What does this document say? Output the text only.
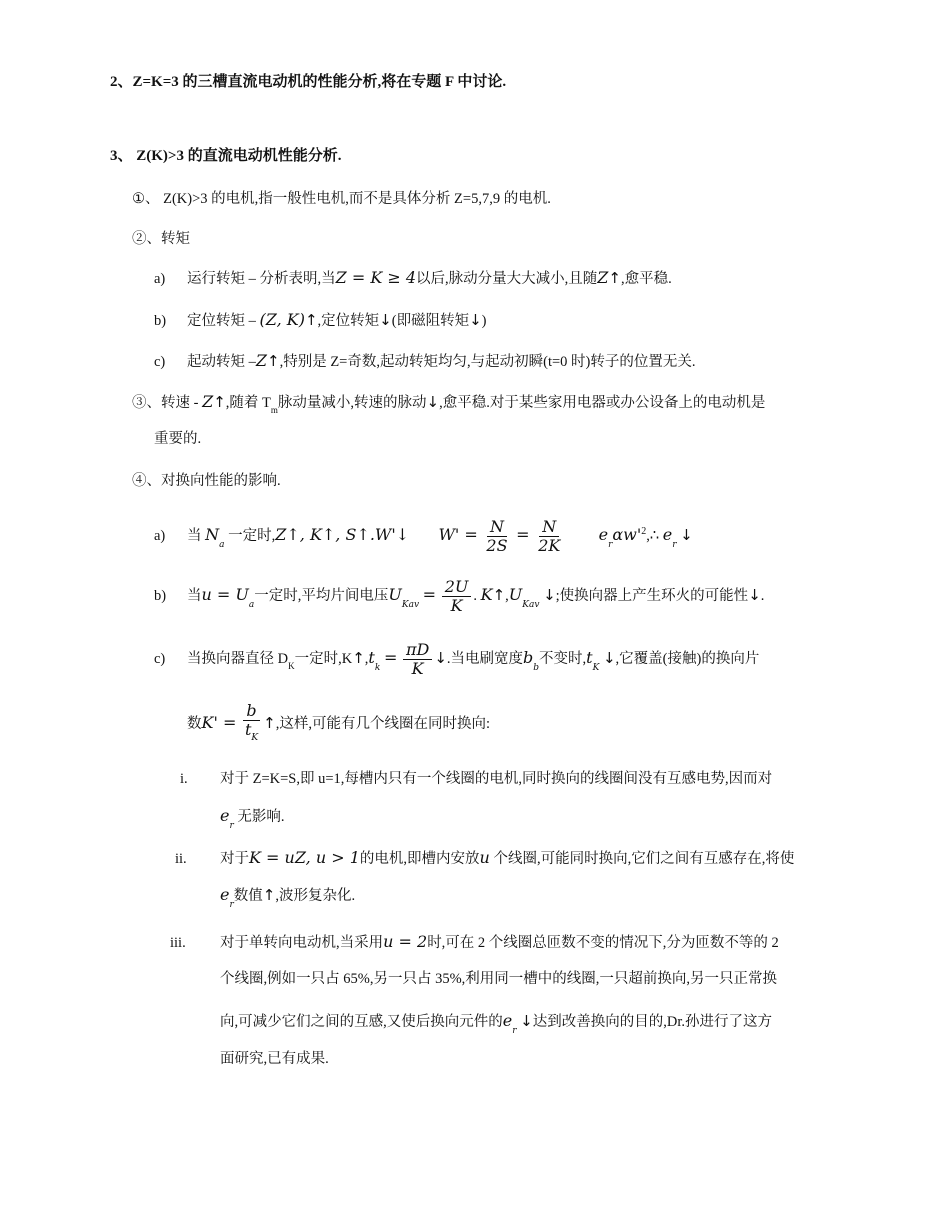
2、Z=K=3 的三槽直流电动机的性能分析,将在专题 F 中讨论.
3、 Z(K)>3 的直流电动机性能分析.
①、 Z(K)>3 的电机,指一般性电机,而不是具体分析 Z=5,7,9 的电机.
②、转矩
a) 运行转矩 – 分析表明,当Z = K ≥ 4以后,脉动分量大大减小,且随Z↑,愈平稳.
b) 定位转矩 – (Z, K)↑,定位转矩↓(即磁阻转矩↓)
c) 起动转矩 –Z↑,特别是 Z=奇数,起动转矩均匀,与起动初瞬(t=0 时)转子的位置无关.
③、转速 - Z↑,随着 $T_m$脉动量减小,转速的脉动↓,愈平稳.对于某些家用电器或办公设备上的电动机是
重要的.
④、对换向性能的影响.
a) 当 $N_a$ 一定时,Z↑, K↑, S↑.W'↓ $W' = \frac{N}{2S} = \frac{N}{2K}$ $e_r\alpha w'^2,\therefore$ $e_r$ ↓
b) 当$u = U_a$一定时,平均片间电压$U_{Kav} = \frac{2U}{K}$ . $K↑,U_{Kav}$ ↓;使换向器上产生环火的可能性↓.
c) 当换向器直径 $D_K$一定时$,K↑,t_k = \frac{\pi D}{K}$ ↓.当电刷宽度$b_b$不变时$,t_K$ ↓,它覆盖(接触)的换向片
数$K' = \frac{b}{t_K}$ ↑,这样,可能有几个线圈在同时换向:
i. 对于 Z=K=S,即 u=1,每槽内只有一个线圈的电机,同时换向的线圈间没有互感电势,因而对
$e_r$ 无影响.
ii. 对于K = uZ, u > 1的电机,即槽内安放u 个线圈,可能同时换向,它们之间有互感存在,将使
$e_r$数值↑,波形复杂化.
iii. 对于单转向电动机,当采用u = 2时,可在 2 个线圈总匝数不变的情况下,分为匝数不等的 2
个线圈,例如一只占 65%,另一只占 35%,利用同一槽中的线圈,一只超前换向,另一只正常换
向,可减少它们之间的互感,又使后换向元件的$e_r$ ↓达到改善换向的目的,Dr.孙进行了这方
面研究,已有成果.
